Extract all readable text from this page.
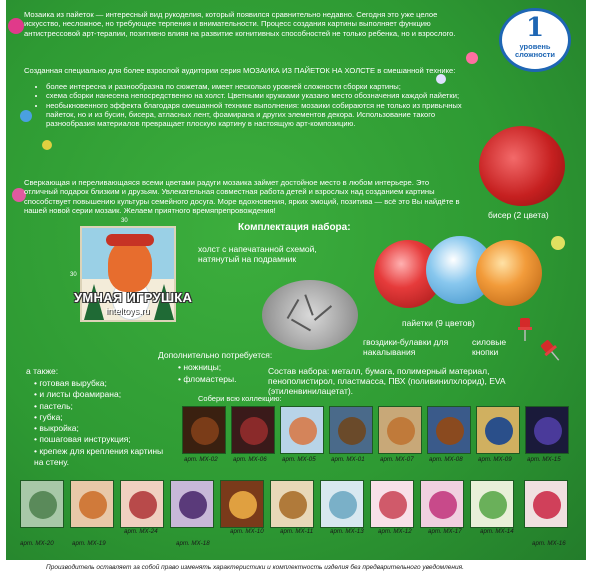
Мозаика из пайеток — интересный вид рукоделия, который появился сравнительно недавно. Сегодня это уже целое искусство, несложное, но требующее терпения и внимательности. Процесс создания картины выполняет функцию антистрессовой арт-терапии, позитивно влияя на развитие когнитивных способностей не только ребенка, но и взрослого.
Созданная специально для более взрослой аудитории серия МОЗАИКА ИЗ ПАЙЕТОК НА ХОЛСТЕ в смешанной технике:
• более интересна и разнообразна по сюжетам, имеет несколько уровней сложности сборки картины;
• схема сборки нанесена непосредственно на холст. Цветными кружками указано место обозначения каждой пайетки;
• необыкновенного эффекта благодаря смешанной технике выполнения: мозаики собираются не только из привычных пайеток, но и из бусин, бисера, атласных лент, фоамирана и других элементов декора. Использование такого разнообразия материалов превращает плоскую картину в настоящую арт-композицию.
Сверкающая и переливающаяся всеми цветами радуги мозаика займет достойное место в любом интерьере. Это отличный подарок близким и друзьям. Увлекательная совместная работа детей и взрослых над созданием картины способствует повышению культуры семейного досуга. Море вдохновения, ярких эмоций, позитива — всё это Вы найдёте в нашей новой серии мозаик. Желаем приятного времяпрепровождения!
1
уровень
сложности
бисер (2 цвета)
Комплектация набора:
30
30
УМНАЯ ИГРУШКА
inteltoys.ru
холст с напечатанной схемой, натянутый на подрамник
пайетки (9 цветов)
гвоздики-булавки для накалывания
силовые кнопки
Дополнительно потребуется:
• ножницы;
• фломастеры.
Состав набора: металл, бумага, полимерный материал, пенополистирол, пластмасса, ПВХ (поливинилхлорид), EVA (этиленвинилацетат).
а также:
• готовая вырубка;
• и листы фоамирана;
• пастель;
• губка;
• выкройка;
• пошаговая инструкция;
• крепеж для крепления картины на стену.
Собери всю коллекцию:
арт. МХ-02 арт. МХ-06 арт. МХ-05 арт. МХ-01 арт. МХ-07 арт. МХ-08 арт. МХ-09 арт. МХ-15
арт. МХ-20	арт. МХ-19
арт. МХ-24
арт. МХ-18
арт. МХ-10	арт. МХ-11	арт. МХ-13 арт. МХ-12	арт. МХ-17	арт. МХ-14
арт. МХ-16
Производитель оставляет за собой право изменять характеристики и комплектность изделия без предварительного уведомления.
